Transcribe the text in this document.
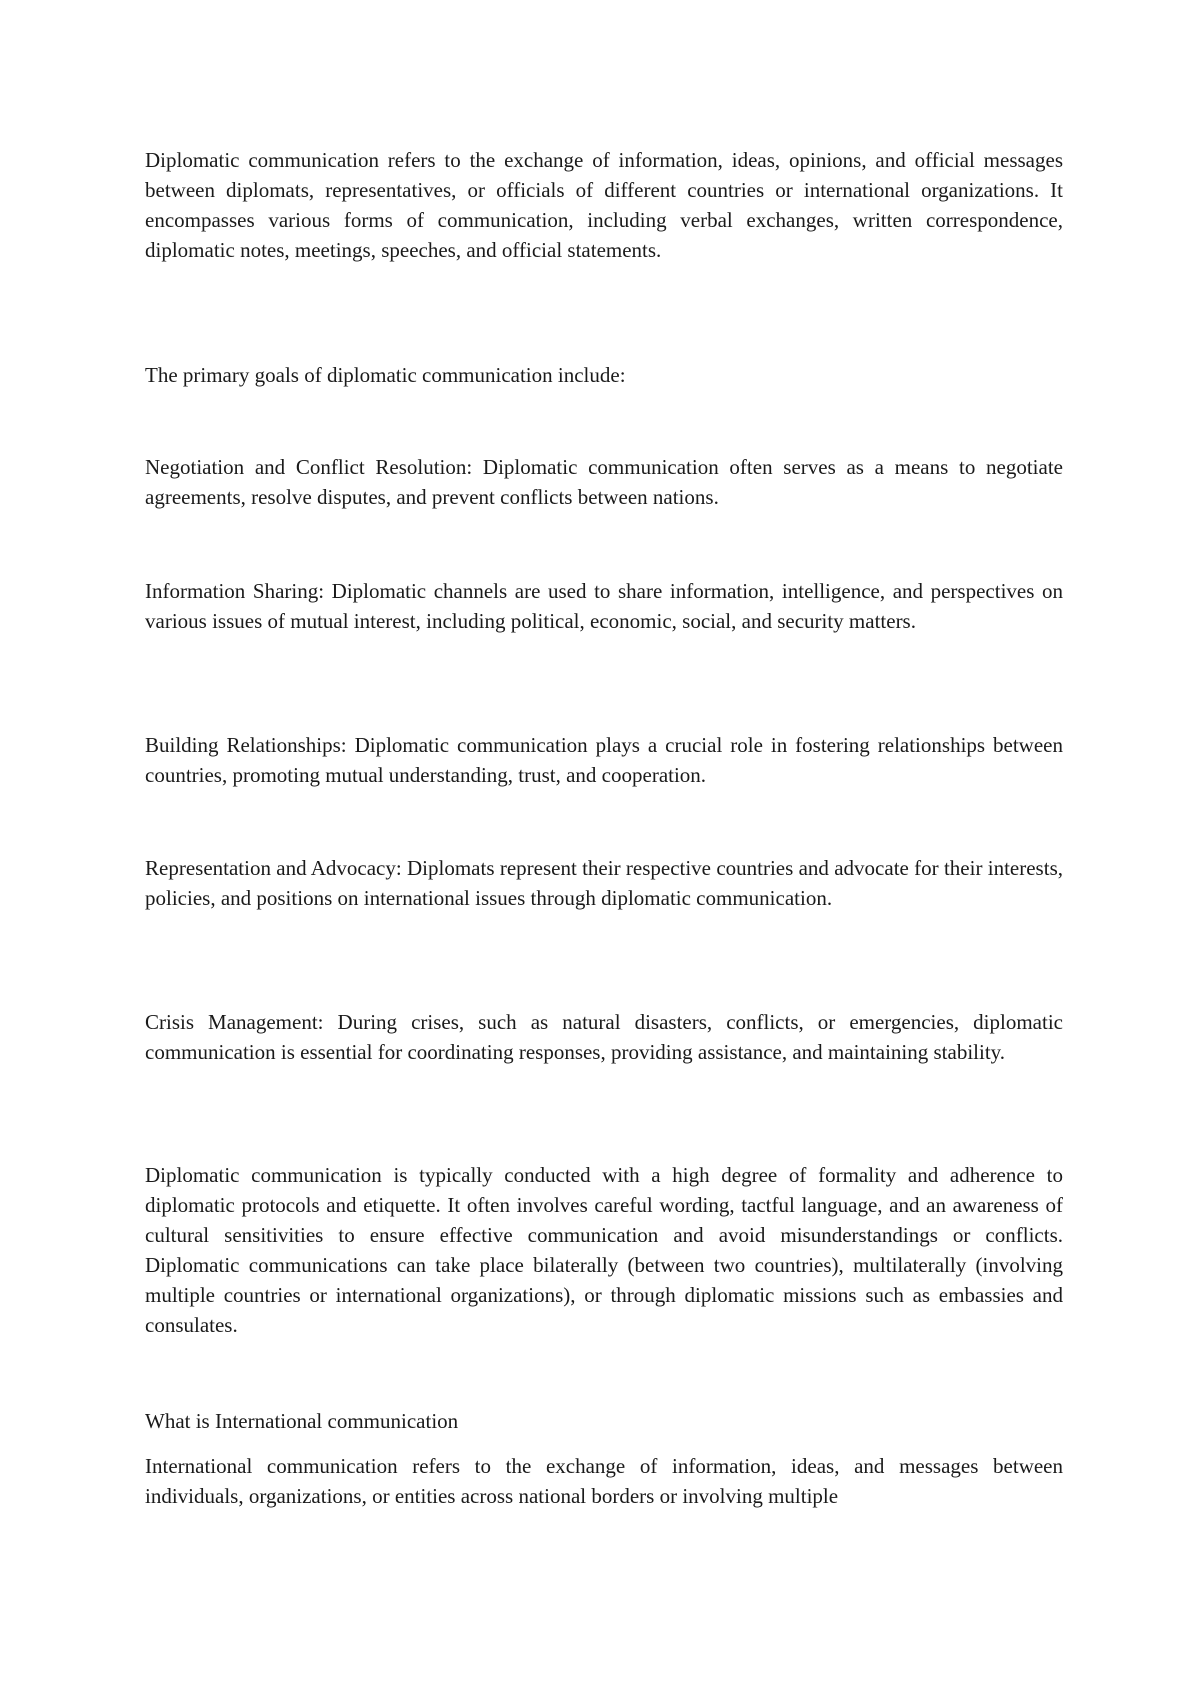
Diplomatic communication refers to the exchange of information, ideas, opinions, and official messages between diplomats, representatives, or officials of different countries or international organizations. It encompasses various forms of communication, including verbal exchanges, written correspondence, diplomatic notes, meetings, speeches, and official statements.

The primary goals of diplomatic communication include:

Negotiation and Conflict Resolution: Diplomatic communication often serves as a means to negotiate agreements, resolve disputes, and prevent conflicts between nations.

Information Sharing: Diplomatic channels are used to share information, intelligence, and perspectives on various issues of mutual interest, including political, economic, social, and security matters.

Building Relationships: Diplomatic communication plays a crucial role in fostering relationships between countries, promoting mutual understanding, trust, and cooperation.

Representation and Advocacy: Diplomats represent their respective countries and advocate for their interests, policies, and positions on international issues through diplomatic communication.

Crisis Management: During crises, such as natural disasters, conflicts, or emergencies, diplomatic communication is essential for coordinating responses, providing assistance, and maintaining stability.

Diplomatic communication is typically conducted with a high degree of formality and adherence to diplomatic protocols and etiquette. It often involves careful wording, tactful language, and an awareness of cultural sensitivities to ensure effective communication and avoid misunderstandings or conflicts. Diplomatic communications can take place bilaterally (between two countries), multilaterally (involving multiple countries or international organizations), or through diplomatic missions such as embassies and consulates.

What is International communication

International communication refers to the exchange of information, ideas, and messages between individuals, organizations, or entities across national borders or involving multiple
